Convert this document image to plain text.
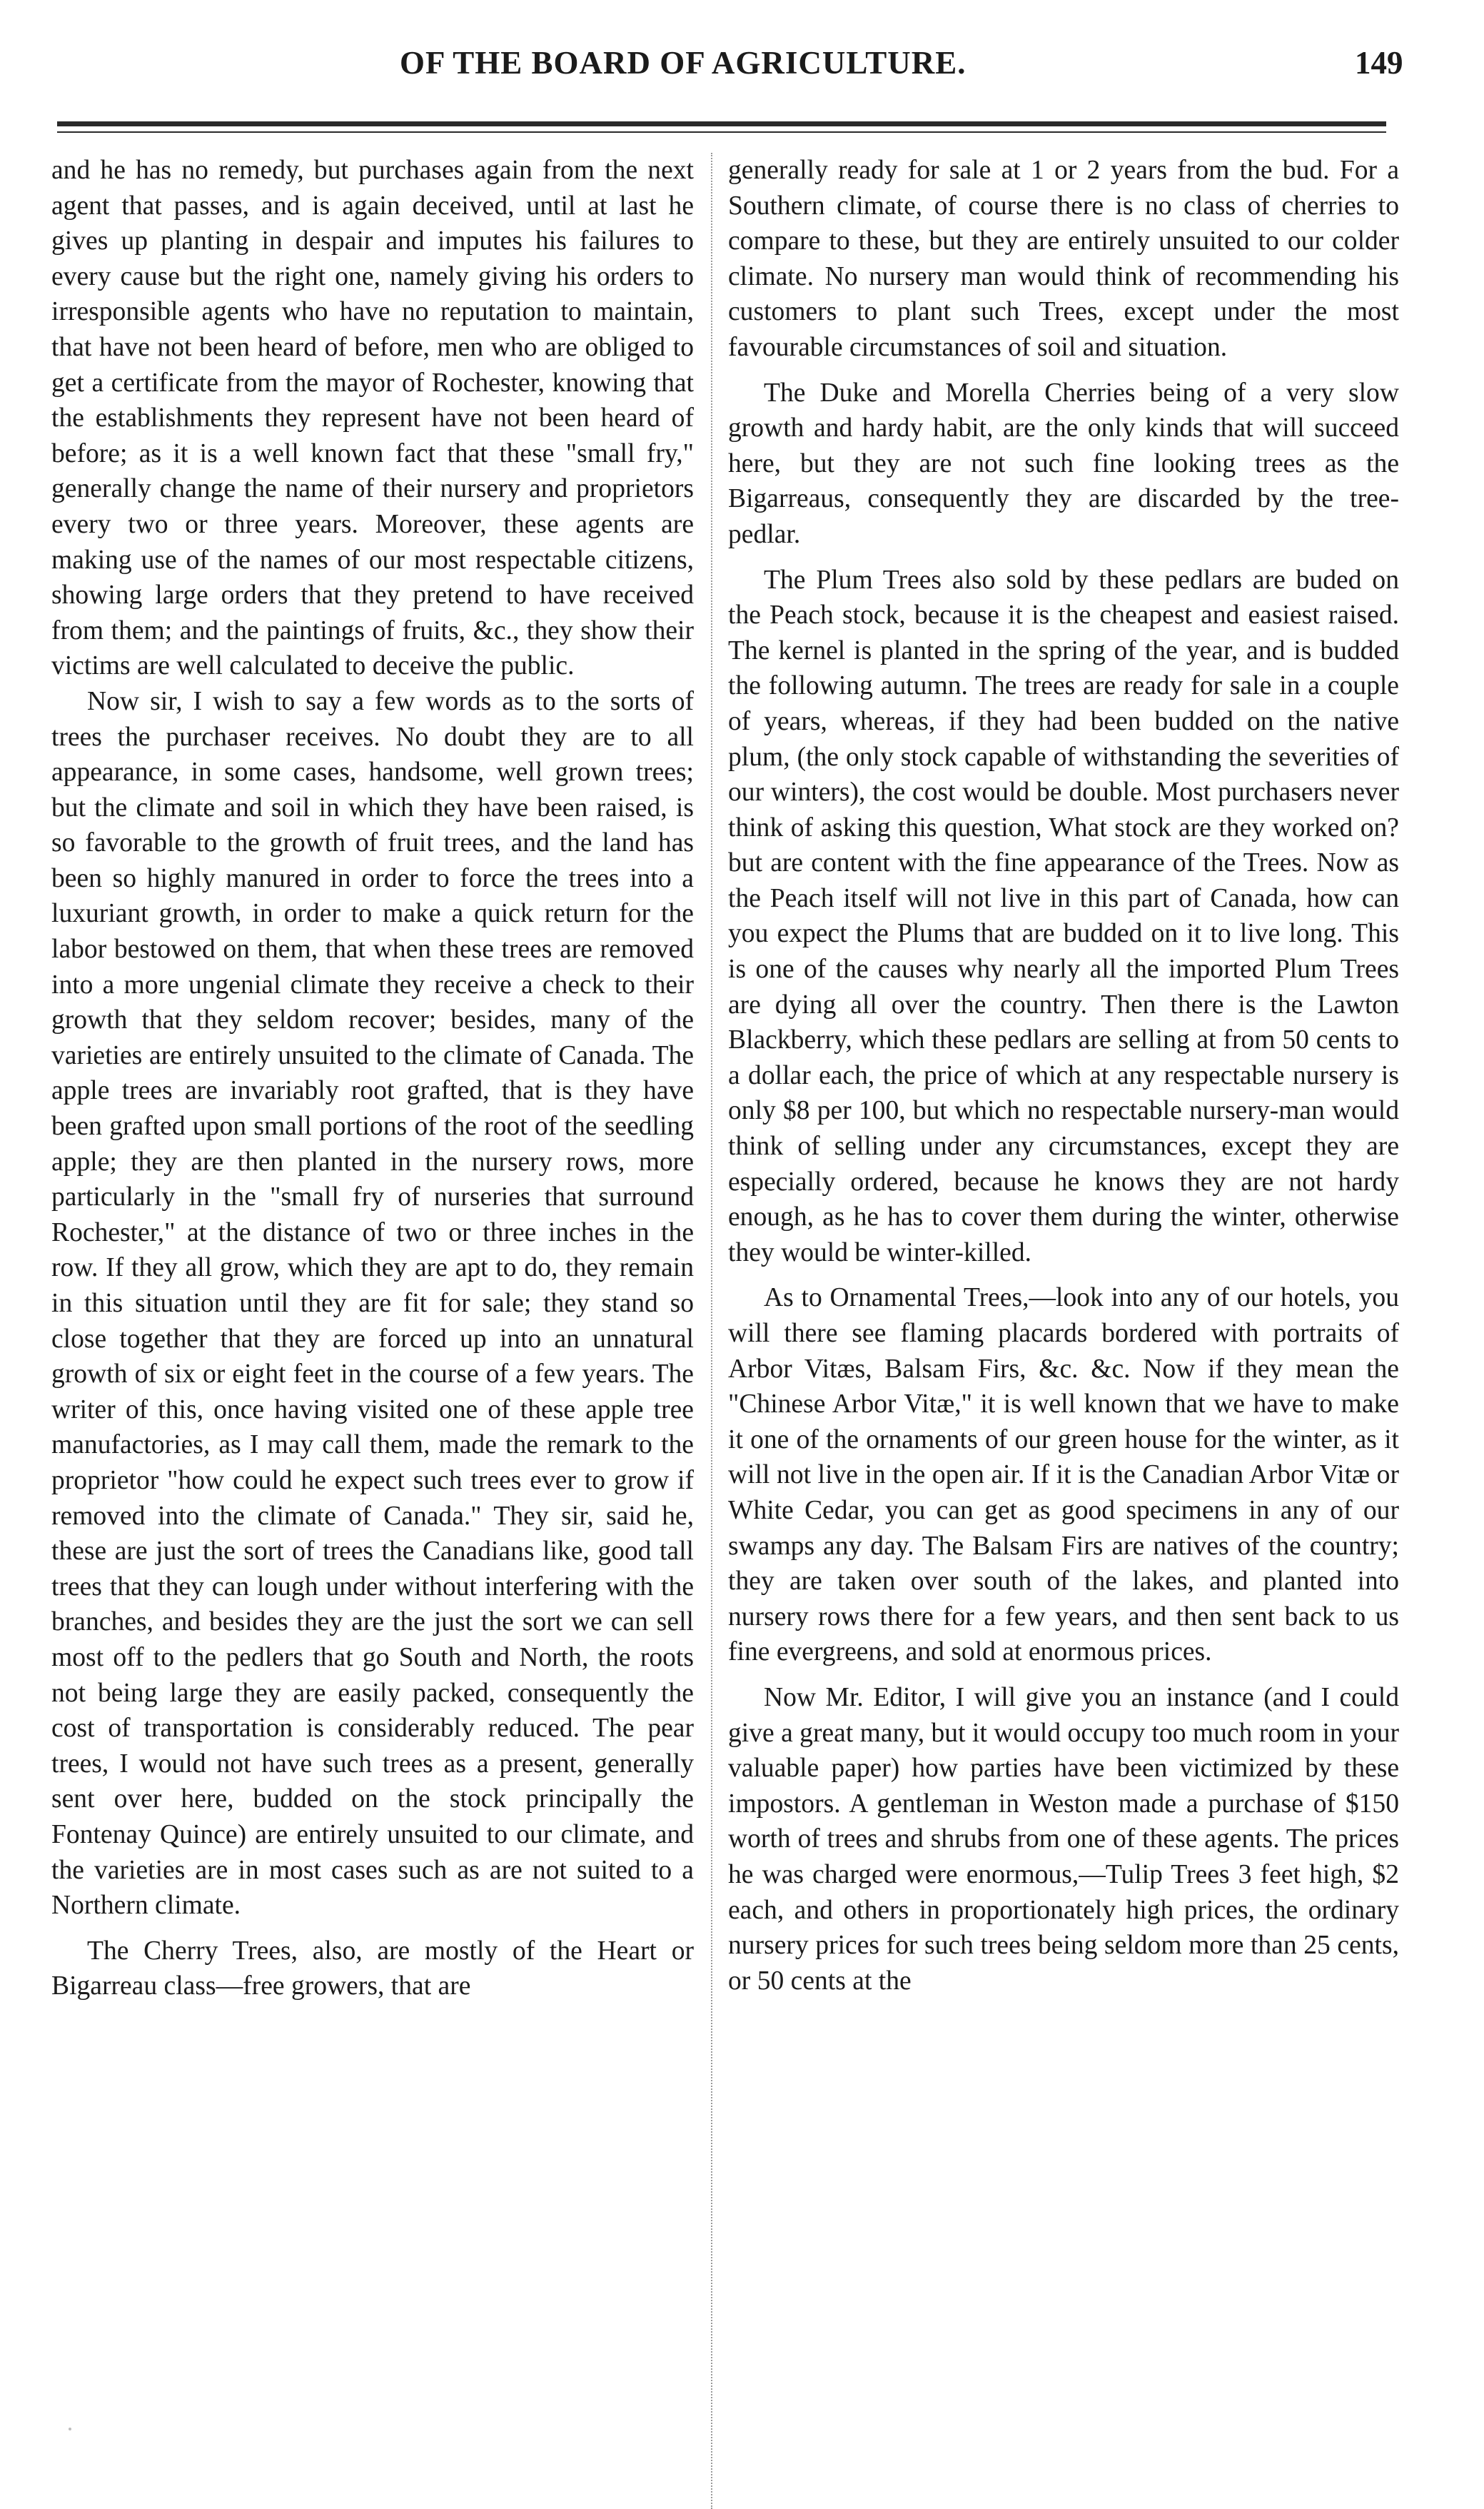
OF THE BOARD OF AGRICULTURE.	149

and he has no remedy, but purchases again from the next agent that passes, and is again deceived, until at last he gives up planting in despair and imputes his failures to every cause but the right one, namely giving his orders to irresponsible agents who have no reputation to maintain, that have not been heard of before, men who are obliged to get a certificate from the mayor of Rochester, knowing that the establishments they represent have not been heard of before; as it is a well known fact that these "small fry," generally change the name of their nursery and proprietors every two or three years. Moreover, these agents are making use of the names of our most respectable citizens, showing large orders that they pretend to have received from them; and the paintings of fruits, &c., they show their victims are well calculated to deceive the public.

Now sir, I wish to say a few words as to the sorts of trees the purchaser receives. No doubt they are to all appearance, in some cases, handsome, well grown trees; but the climate and soil in which they have been raised, is so favorable to the growth of fruit trees, and the land has been so highly manured in order to force the trees into a luxuriant growth, in order to make a quick return for the labor bestowed on them, that when these trees are removed into a more ungenial climate they receive a check to their growth that they seldom recover; besides, many of the varieties are entirely unsuited to the climate of Canada. The apple trees are invariably root grafted, that is they have been grafted upon small portions of the root of the seedling apple; they are then planted in the nursery rows, more particularly in the "small fry of nurseries that surround Rochester," at the distance of two or three inches in the row. If they all grow, which they are apt to do, they remain in this situation until they are fit for sale; they stand so close together that they are forced up into an unnatural growth of six or eight feet in the course of a few years. The writer of this, once having visited one of these apple tree manufactories, as I may call them, made the remark to the proprietor "how could he expect such trees ever to grow if removed into the climate of Canada." They sir, said he, these are just the sort of trees the Canadians like, good tall trees that they can lough under without interfering with the branches, and besides they are the just the sort we can sell most off to the pedlers that go South and North, the roots not being large they are easily packed, consequently the cost of transportation is considerably reduced. The pear trees, I would not have such trees as a present, generally sent over here, budded on the stock principally the Fontenay Quince) are entirely unsuited to our climate, and the varieties are in most cases such as are not suited to a Northern climate.

The Cherry Trees, also, are mostly of the Heart or Bigarreau class—free growers, that are

generally ready for sale at 1 or 2 years from the bud. For a Southern climate, of course there is no class of cherries to compare to these, but they are entirely unsuited to our colder climate. No nursery man would think of recommending his customers to plant such Trees, except under the most favourable circumstances of soil and situation.

The Duke and Morella Cherries being of a very slow growth and hardy habit, are the only kinds that will succeed here, but they are not such fine looking trees as the Bigarreaus, consequently they are discarded by the tree-pedlar.

The Plum Trees also sold by these pedlars are buded on the Peach stock, because it is the cheapest and easiest raised. The kernel is planted in the spring of the year, and is budded the following autumn. The trees are ready for sale in a couple of years, whereas, if they had been budded on the native plum, (the only stock capable of withstanding the severities of our winters), the cost would be double. Most purchasers never think of asking this question, What stock are they worked on? but are content with the fine appearance of the Trees. Now as the Peach itself will not live in this part of Canada, how can you expect the Plums that are budded on it to live long. This is one of the causes why nearly all the imported Plum Trees are dying all over the country. Then there is the Lawton Blackberry, which these pedlars are selling at from 50 cents to a dollar each, the price of which at any respectable nursery is only $8 per 100, but which no respectable nursery-man would think of selling under any circumstances, except they are especially ordered, because he knows they are not hardy enough, as he has to cover them during the winter, otherwise they would be winter-killed.

As to Ornamental Trees,—look into any of our hotels, you will there see flaming placards bordered with portraits of Arbor Vitæs, Balsam Firs, &c. &c. Now if they mean the "Chinese Arbor Vitæ," it is well known that we have to make it one of the ornaments of our green house for the winter, as it will not live in the open air. If it is the Canadian Arbor Vitæ or White Cedar, you can get as good specimens in any of our swamps any day. The Balsam Firs are natives of the country; they are taken over south of the lakes, and planted into nursery rows there for a few years, and then sent back to us fine evergreens, and sold at enormous prices.

Now Mr. Editor, I will give you an instance (and I could give a great many, but it would occupy too much room in your valuable paper) how parties have been victimized by these impostors. A gentleman in Weston made a purchase of $150 worth of trees and shrubs from one of these agents. The prices he was charged were enormous,—Tulip Trees 3 feet high, $2 each, and others in proportionately high prices, the ordinary nursery prices for such trees being seldom more than 25 cents, or 50 cents at the
